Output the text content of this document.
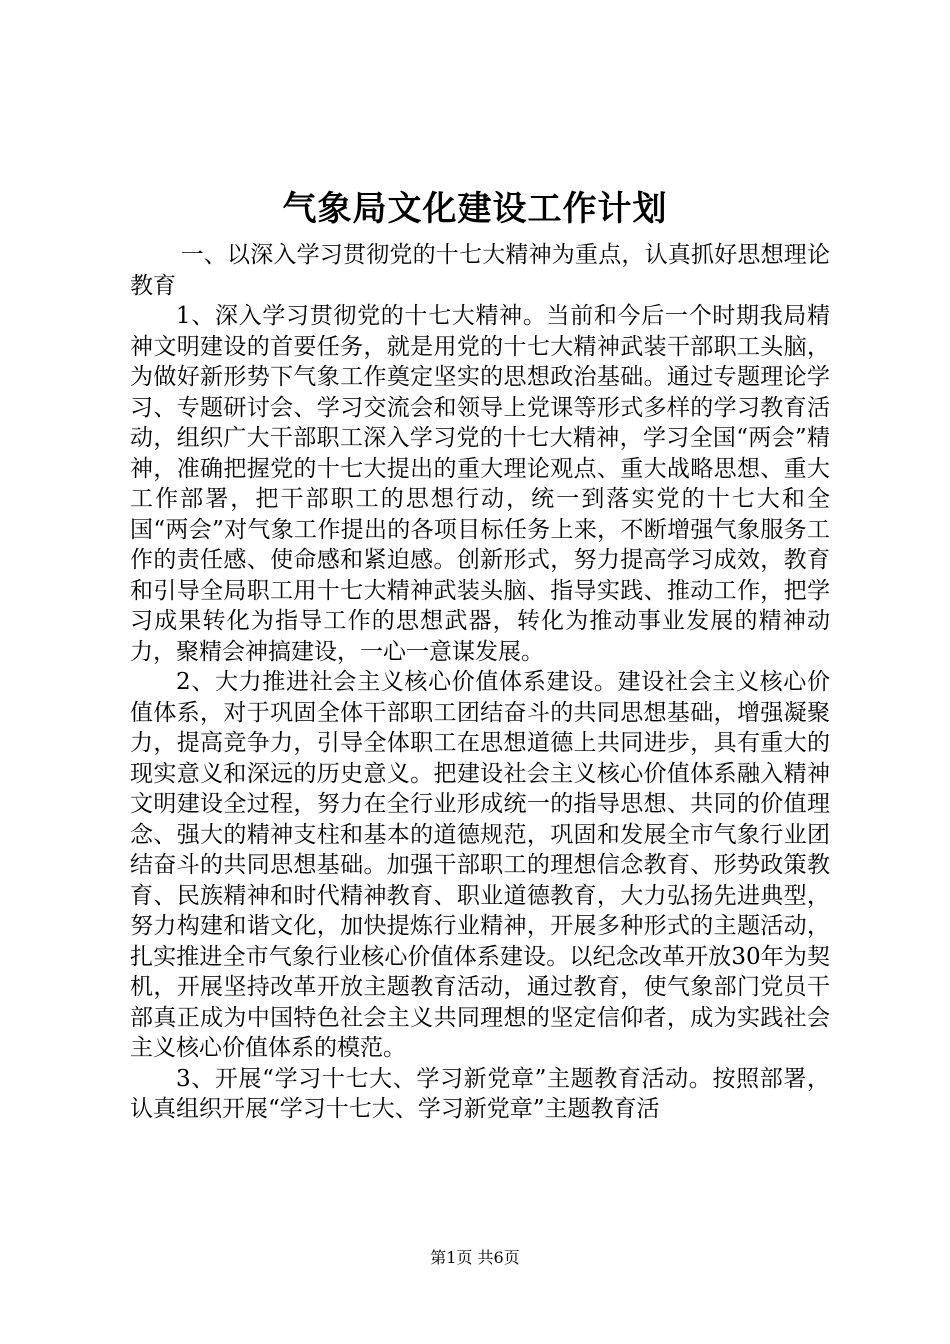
气象局文化建设工作计划

一、以深入学习贯彻党的十七大精神为重点，认真抓好思想理论教育

1、深入学习贯彻党的十七大精神。当前和今后一个时期我局精神文明建设的首要任务，就是用党的十七大精神武装干部职工头脑，为做好新形势下气象工作奠定坚实的思想政治基础。通过专题理论学习、专题研讨会、学习交流会和领导上党课等形式多样的学习教育活动，组织广大干部职工深入学习党的十七大精神，学习全国“两会”精神，准确把握党的十七大提出的重大理论观点、重大战略思想、重大工作部署，把干部职工的思想行动，统一到落实党的十七大和全国“两会”对气象工作提出的各项目标任务上来，不断增强气象服务工作的责任感、使命感和紧迫感。创新形式，努力提高学习成效，教育和引导全局职工用十七大精神武装头脑、指导实践、推动工作，把学习成果转化为指导工作的思想武器，转化为推动事业发展的精神动力，聚精会神搞建设，一心一意谋发展。

2、大力推进社会主义核心价值体系建设。建设社会主义核心价值体系，对于巩固全体干部职工团结奋斗的共同思想基础，增强凝聚力，提高竞争力，引导全体职工在思想道德上共同进步，具有重大的现实意义和深远的历史意义。把建设社会主义核心价值体系融入精神文明建设全过程，努力在全行业形成统一的指导思想、共同的价值理念、强大的精神支柱和基本的道德规范，巩固和发展全市气象行业团结奋斗的共同思想基础。加强干部职工的理想信念教育、形势政策教育、民族精神和时代精神教育、职业道德教育，大力弘扬先进典型，努力构建和谐文化，加快提炼行业精神，开展多种形式的主题活动，扎实推进全市气象行业核心价值体系建设。以纪念改革开放30年为契机，开展坚持改革开放主题教育活动，通过教育，使气象部门党员干部真正成为中国特色社会主义共同理想的坚定信仰者，成为实践社会主义核心价值体系的模范。

3、开展“学习十七大、学习新党章”主题教育活动。按照部署，认真组织开展“学习十七大、学习新党章”主题教育活

第1页 共6页
